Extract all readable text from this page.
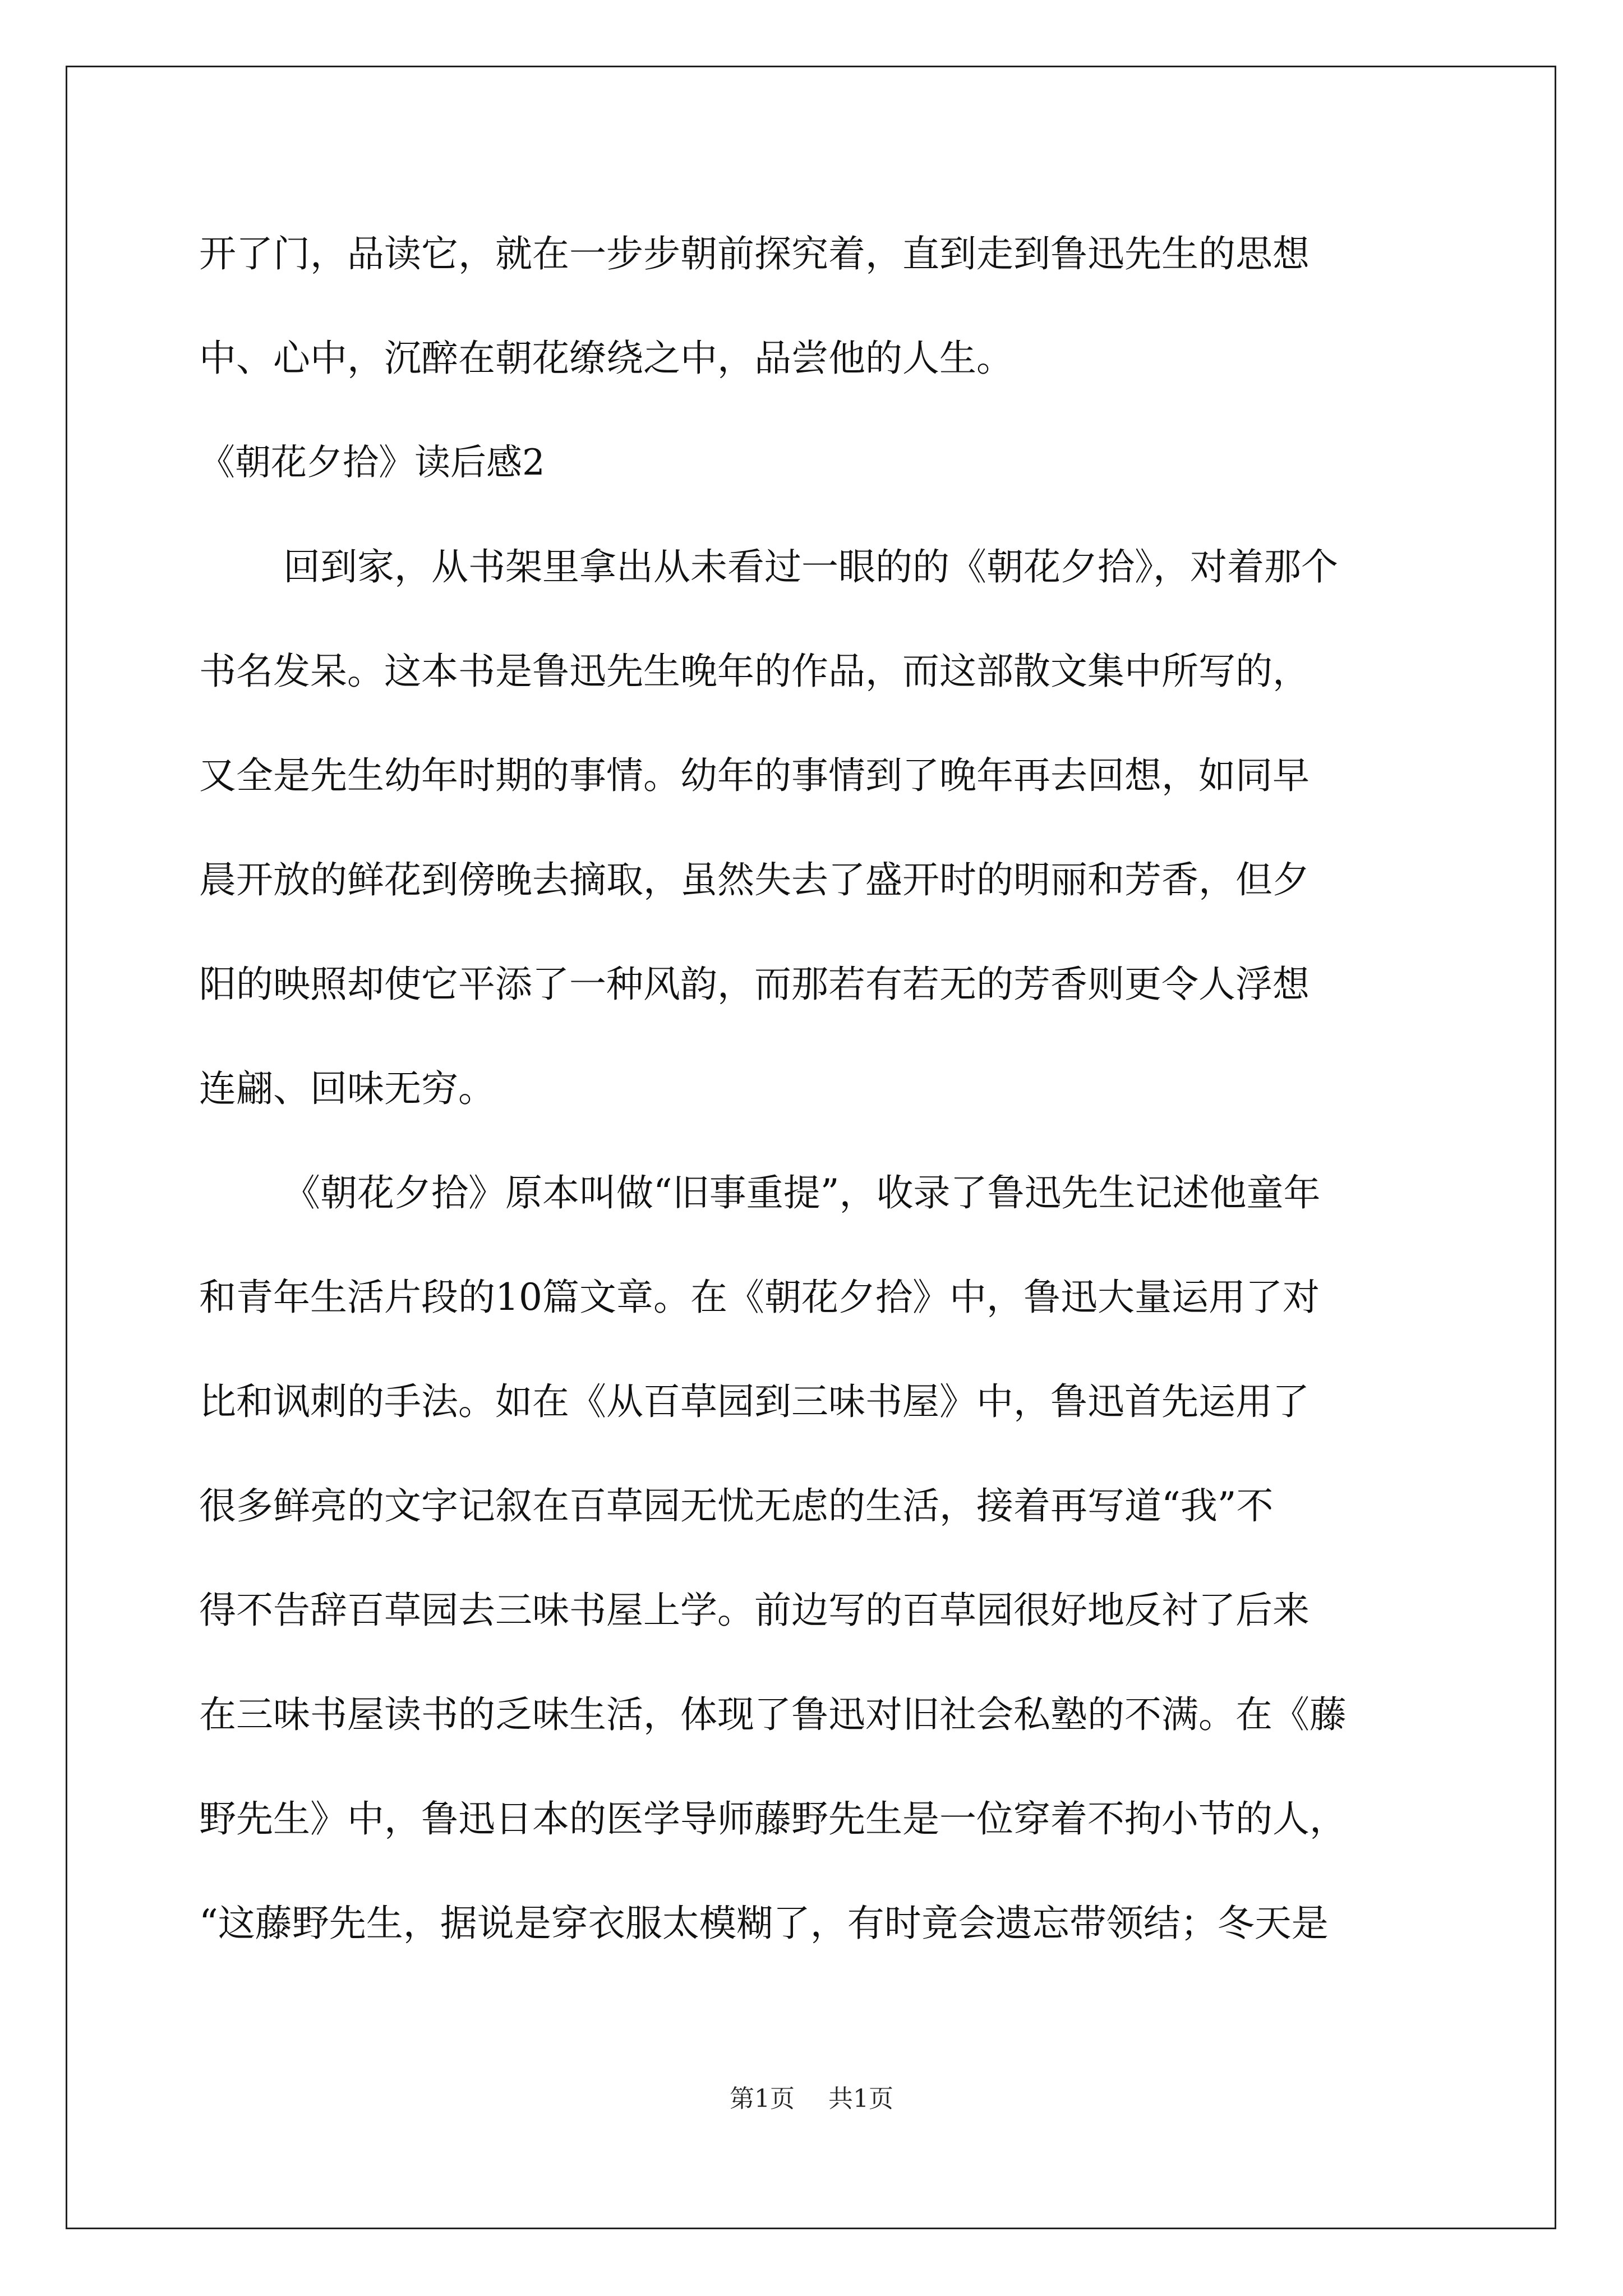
开了门，品读它，就在一步步朝前探究着，直到走到鲁迅先生的思想
中、心中，沉醉在朝花缭绕之中，品尝他的人生。
《朝花夕拾》读后感2
回到家，从书架里拿出从未看过一眼的的《朝花夕拾》，对着那个
书名发呆。这本书是鲁迅先生晚年的作品，而这部散文集中所写的，
又全是先生幼年时期的事情。幼年的事情到了晚年再去回想，如同早
晨开放的鲜花到傍晚去摘取，虽然失去了盛开时的明丽和芳香，但夕
阳的映照却使它平添了一种风韵，而那若有若无的芳香则更令人浮想
连翩、回味无穷。
《朝花夕拾》原本叫做“旧事重提”，收录了鲁迅先生记述他童年
和青年生活片段的10篇文章。在《朝花夕拾》中，鲁迅大量运用了对
比和讽刺的手法。如在《从百草园到三味书屋》中，鲁迅首先运用了
很多鲜亮的文字记叙在百草园无忧无虑的生活，接着再写道“我”不
得不告辞百草园去三味书屋上学。前边写的百草园很好地反衬了后来
在三味书屋读书的乏味生活，体现了鲁迅对旧社会私塾的不满。在《藤
野先生》中，鲁迅日本的医学导师藤野先生是一位穿着不拘小节的人，
“这藤野先生，据说是穿衣服太模糊了，有时竟会遗忘带领结；冬天是
第1页 共1页
